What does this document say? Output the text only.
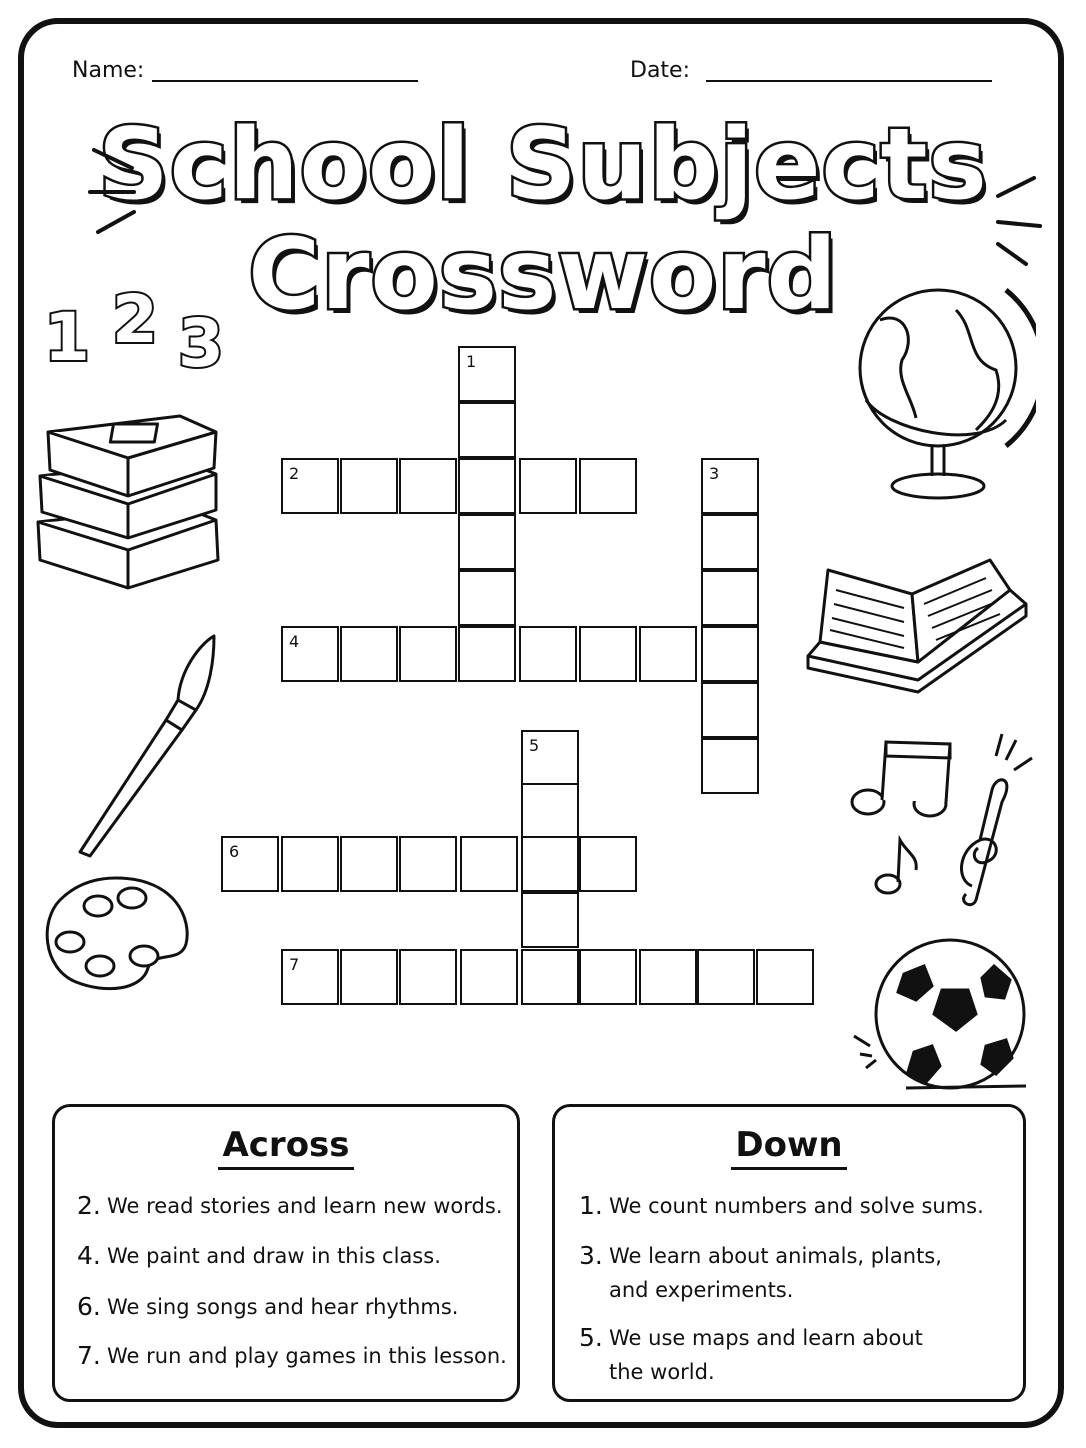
Name:	Date:
School Subjects
Crossword
1 2 3	1
2	3
4
5
6
7
Across
2. We read stories and learn new words.
4. We paint and draw in this class.
6. We sing songs and hear rhythms.
7. We run and play games in this lesson.
Down
1. We count numbers and solve sums.
3. We learn about animals, plants,
and experiments.
5. We use maps and learn about
the world.
